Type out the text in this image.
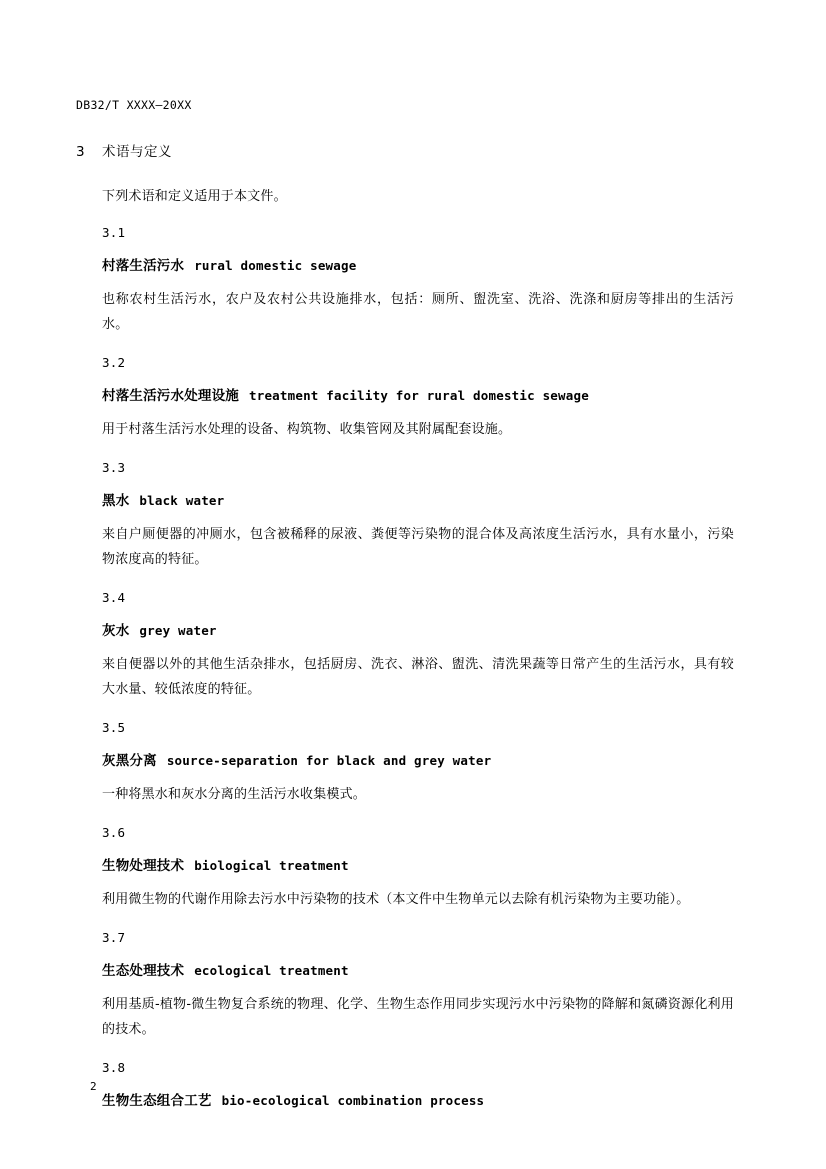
DB32/T XXXX—20XX
3 术语与定义

下列术语和定义适用于本文件。

3.1
村落生活污水 rural domestic sewage

也称农村生活污水，农户及农村公共设施排水，包括：厕所、盥洗室、洗浴、洗涤和厨房等排出的生活污水。

3.2
村落生活污水处理设施 treatment facility for rural domestic sewage

用于村落生活污水处理的设备、构筑物、收集管网及其附属配套设施。

3.3
黑水 black water

来自户厕便器的冲厕水，包含被稀释的尿液、粪便等污染物的混合体及高浓度生活污水，具有水量小，污染物浓度高的特征。

3.4
灰水 grey water

来自便器以外的其他生活杂排水，包括厨房、洗衣、淋浴、盥洗、清洗果蔬等日常产生的生活污水，具有较大水量、较低浓度的特征。

3.5
灰黑分离 source-separation for black and grey water

一种将黑水和灰水分离的生活污水收集模式。

3.6
生物处理技术 biological treatment

利用微生物的代谢作用除去污水中污染物的技术（本文件中生物单元以去除有机污染物为主要功能）。

3.7
生态处理技术 ecological treatment

利用基质-植物-微生物复合系统的物理、化学、生物生态作用同步实现污水中污染物的降解和氮磷资源化利用的技术。

3.8
生物生态组合工艺 bio-ecological combination process
2
